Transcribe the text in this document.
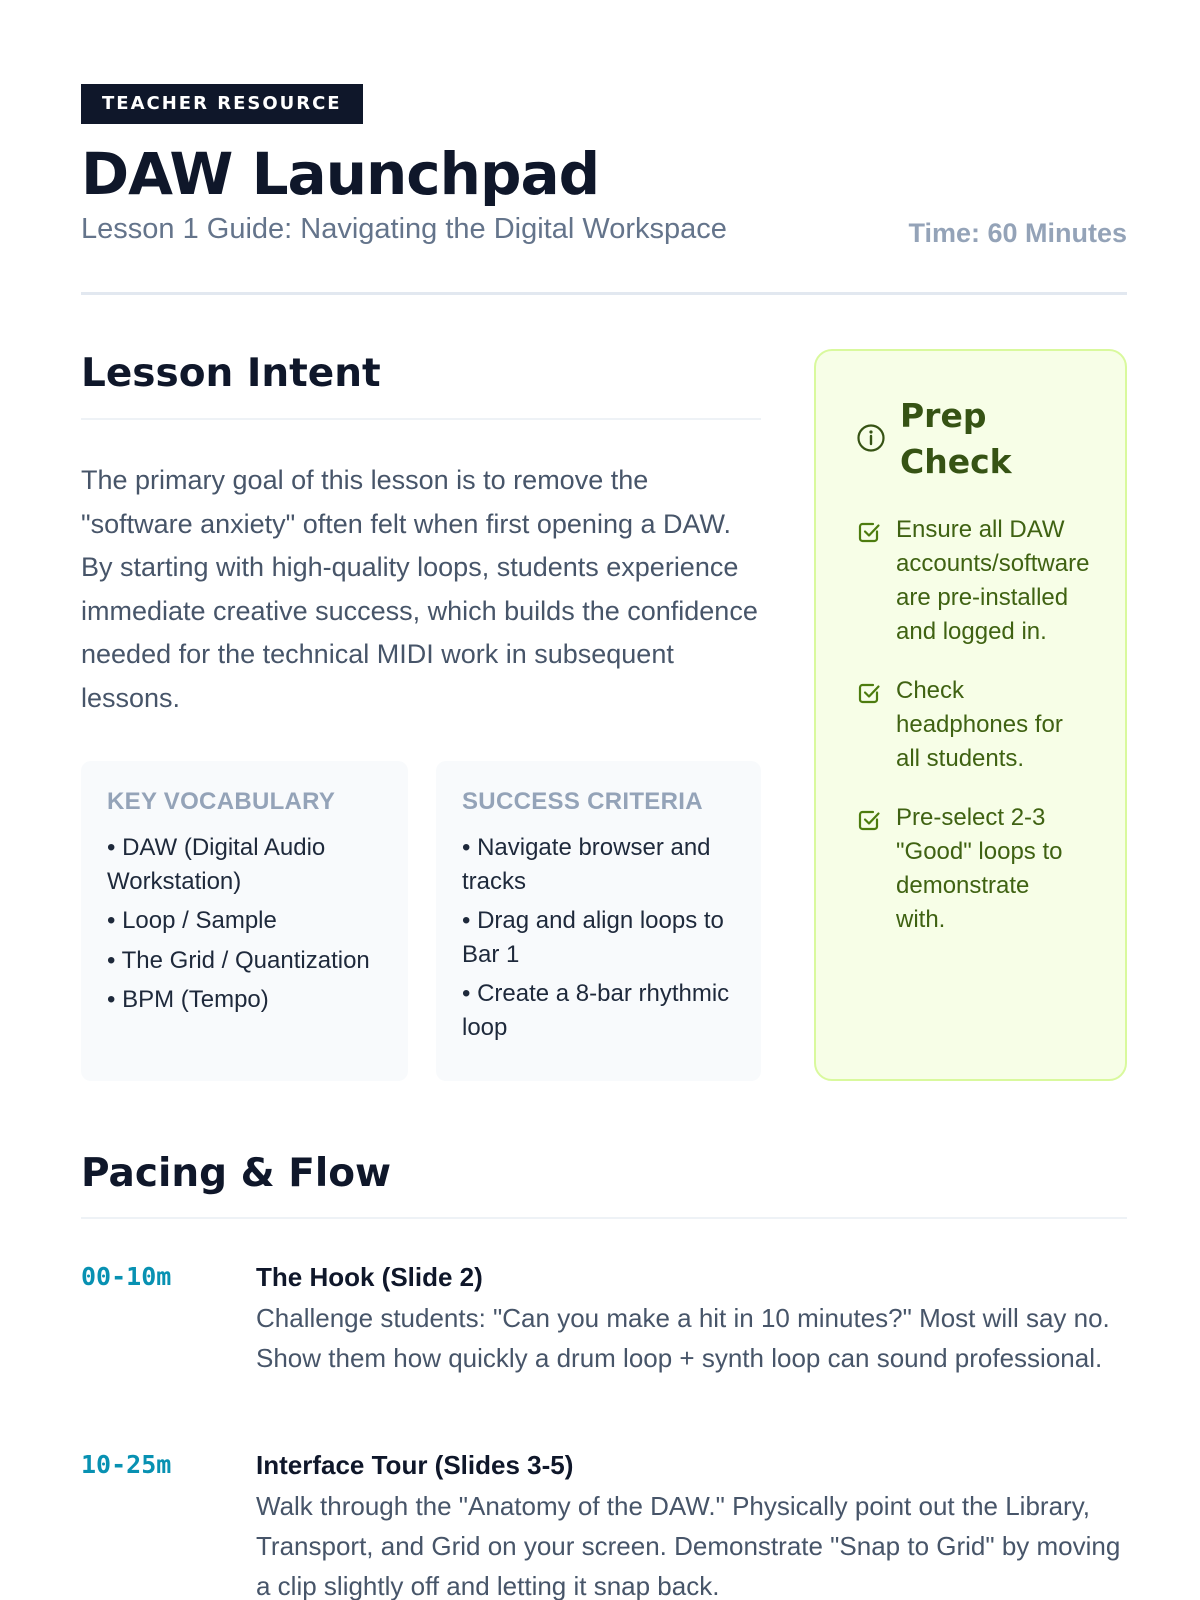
TEACHER RESOURCE
DAW Launchpad
Lesson 1 Guide: Navigating the Digital Workspace	Time: 60 Minutes
Lesson Intent

The primary goal of this lesson is to remove the "software anxiety" often felt when first opening a DAW. By starting with high-quality loops, students experience immediate creative success, which builds the confidence needed for the technical MIDI work in subsequent lessons.

KEY VOCABULARY
• DAW (Digital Audio Workstation)
• Loop / Sample
• The Grid / Quantization
• BPM (Tempo)
SUCCESS CRITERIA
• Navigate browser and tracks
• Drag and align loops to Bar 1
• Create a 8-bar rhythmic loop
Prep Check
Ensure all DAW accounts/software are pre-installed and logged in.
Check headphones for all students.
Pre-select 2-3 "Good" loops to demonstrate with.
Pacing & Flow
00-10m	The Hook (Slide 2)
Challenge students: "Can you make a hit in 10 minutes?" Most will say no. Show them how quickly a drum loop + synth loop can sound professional.
10-25m	Interface Tour (Slides 3-5)
Walk through the "Anatomy of the DAW." Physically point out the Library, Transport, and Grid on your screen. Demonstrate "Snap to Grid" by moving a clip slightly off and letting it snap back.
